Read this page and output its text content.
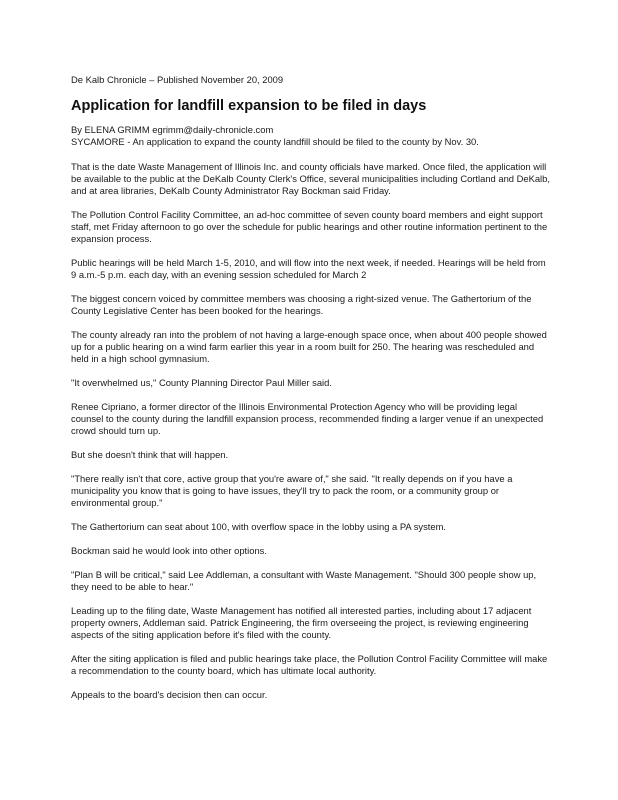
De Kalb Chronicle – Published November 20, 2009

Application for landfill expansion to be filed in days

By ELENA GRIMM egrimm@daily-chronicle.com

SYCAMORE - An application to expand the county landfill should be filed to the county by Nov. 30.

That is the date Waste Management of Illinois Inc. and county officials have marked. Once filed, the application will be available to the public at the DeKalb County Clerk's Office, several municipalities including Cortland and DeKalb, and at area libraries, DeKalb County Administrator Ray Bockman said Friday.

The Pollution Control Facility Committee, an ad-hoc committee of seven county board members and eight support staff, met Friday afternoon to go over the schedule for public hearings and other routine information pertinent to the expansion process.

Public hearings will be held March 1-5, 2010, and will flow into the next week, if needed. Hearings will be held from 9 a.m.-5 p.m. each day, with an evening session scheduled for March 2

The biggest concern voiced by committee members was choosing a right-sized venue. The Gathertorium of the County Legislative Center has been booked for the hearings.

The county already ran into the problem of not having a large-enough space once, when about 400 people showed up for a public hearing on a wind farm earlier this year in a room built for 250. The hearing was rescheduled and held in a high school gymnasium.

"It overwhelmed us," County Planning Director Paul Miller said.

Renee Cipriano, a former director of the Illinois Environmental Protection Agency who will be providing legal counsel to the county during the landfill expansion process, recommended finding a larger venue if an unexpected crowd should turn up.

But she doesn't think that will happen.

"There really isn't that core, active group that you're aware of," she said. "It really depends on if you have a municipality you know that is going to have issues, they'll try to pack the room, or a community group or environmental group."

The Gathertorium can seat about 100, with overflow space in the lobby using a PA system.

Bockman said he would look into other options.

"Plan B will be critical," said Lee Addleman, a consultant with Waste Management. "Should 300 people show up, they need to be able to hear."

Leading up to the filing date, Waste Management has notified all interested parties, including about 17 adjacent property owners, Addleman said. Patrick Engineering, the firm overseeing the project, is reviewing engineering aspects of the siting application before it's filed with the county.

After the siting application is filed and public hearings take place, the Pollution Control Facility Committee will make a recommendation to the county board, which has ultimate local authority.

Appeals to the board's decision then can occur.
